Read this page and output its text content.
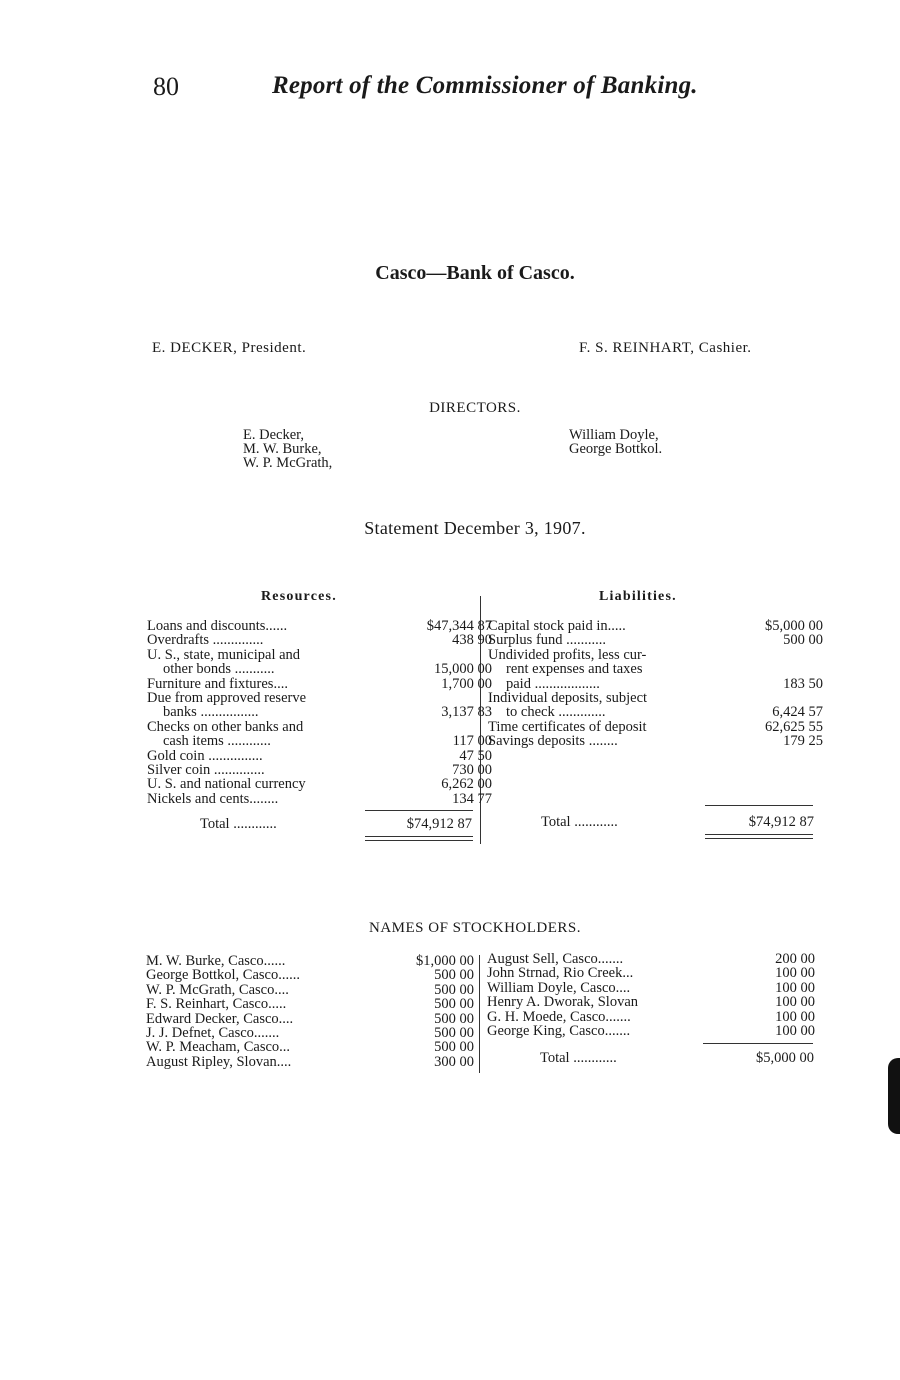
80	Report of the Commissioner of Banking.
Casco—Bank of Casco.
E. DECKER, President.	F. S. REINHART, Cashier.
DIRECTORS.
E. Decker,
M. W. Burke,
W. P. McGrath,
William Doyle,
George Bottkol.
Statement December 3, 1907.
Resources.	Liabilities.
Loans and discounts......	$47,344 87
Overdrafts ..............	438 90
U. S., state, municipal and
other bonds ...........	15,000 00
Furniture and fixtures....	1,700 00
Due from approved reserve
banks ................	3,137 83
Checks on other banks and
cash items ............	117 00
Gold coin ...............	47 50
Silver coin ..............	730 00
U. S. and national currency	6,262 00
Nickels and cents........	134 77
Total ............	$74,912 87
Capital stock paid in.....	$5,000 00
Surplus fund ...........	500 00
Undivided profits, less cur-
rent expenses and taxes
paid ..................	183 50
Individual deposits, subject
to check .............	6,424 57
Time certificates of deposit	62,625 55
Savings deposits ........	179 25
Total ............	$74,912 87
NAMES OF STOCKHOLDERS.
M. W. Burke, Casco......	$1,000 00
George Bottkol, Casco......	500 00
W. P. McGrath, Casco....	500 00
F. S. Reinhart, Casco.....	500 00
Edward Decker, Casco....	500 00
J. J. Defnet, Casco.......	500 00
W. P. Meacham, Casco...	500 00
August Ripley, Slovan....	300 00
August Sell, Casco.......	200 00
John Strnad, Rio Creek...	100 00
William Doyle, Casco....	100 00
Henry A. Dworak, Slovan	100 00
G. H. Moede, Casco.......	100 00
George King, Casco.......	100 00
Total ............	$5,000 00
